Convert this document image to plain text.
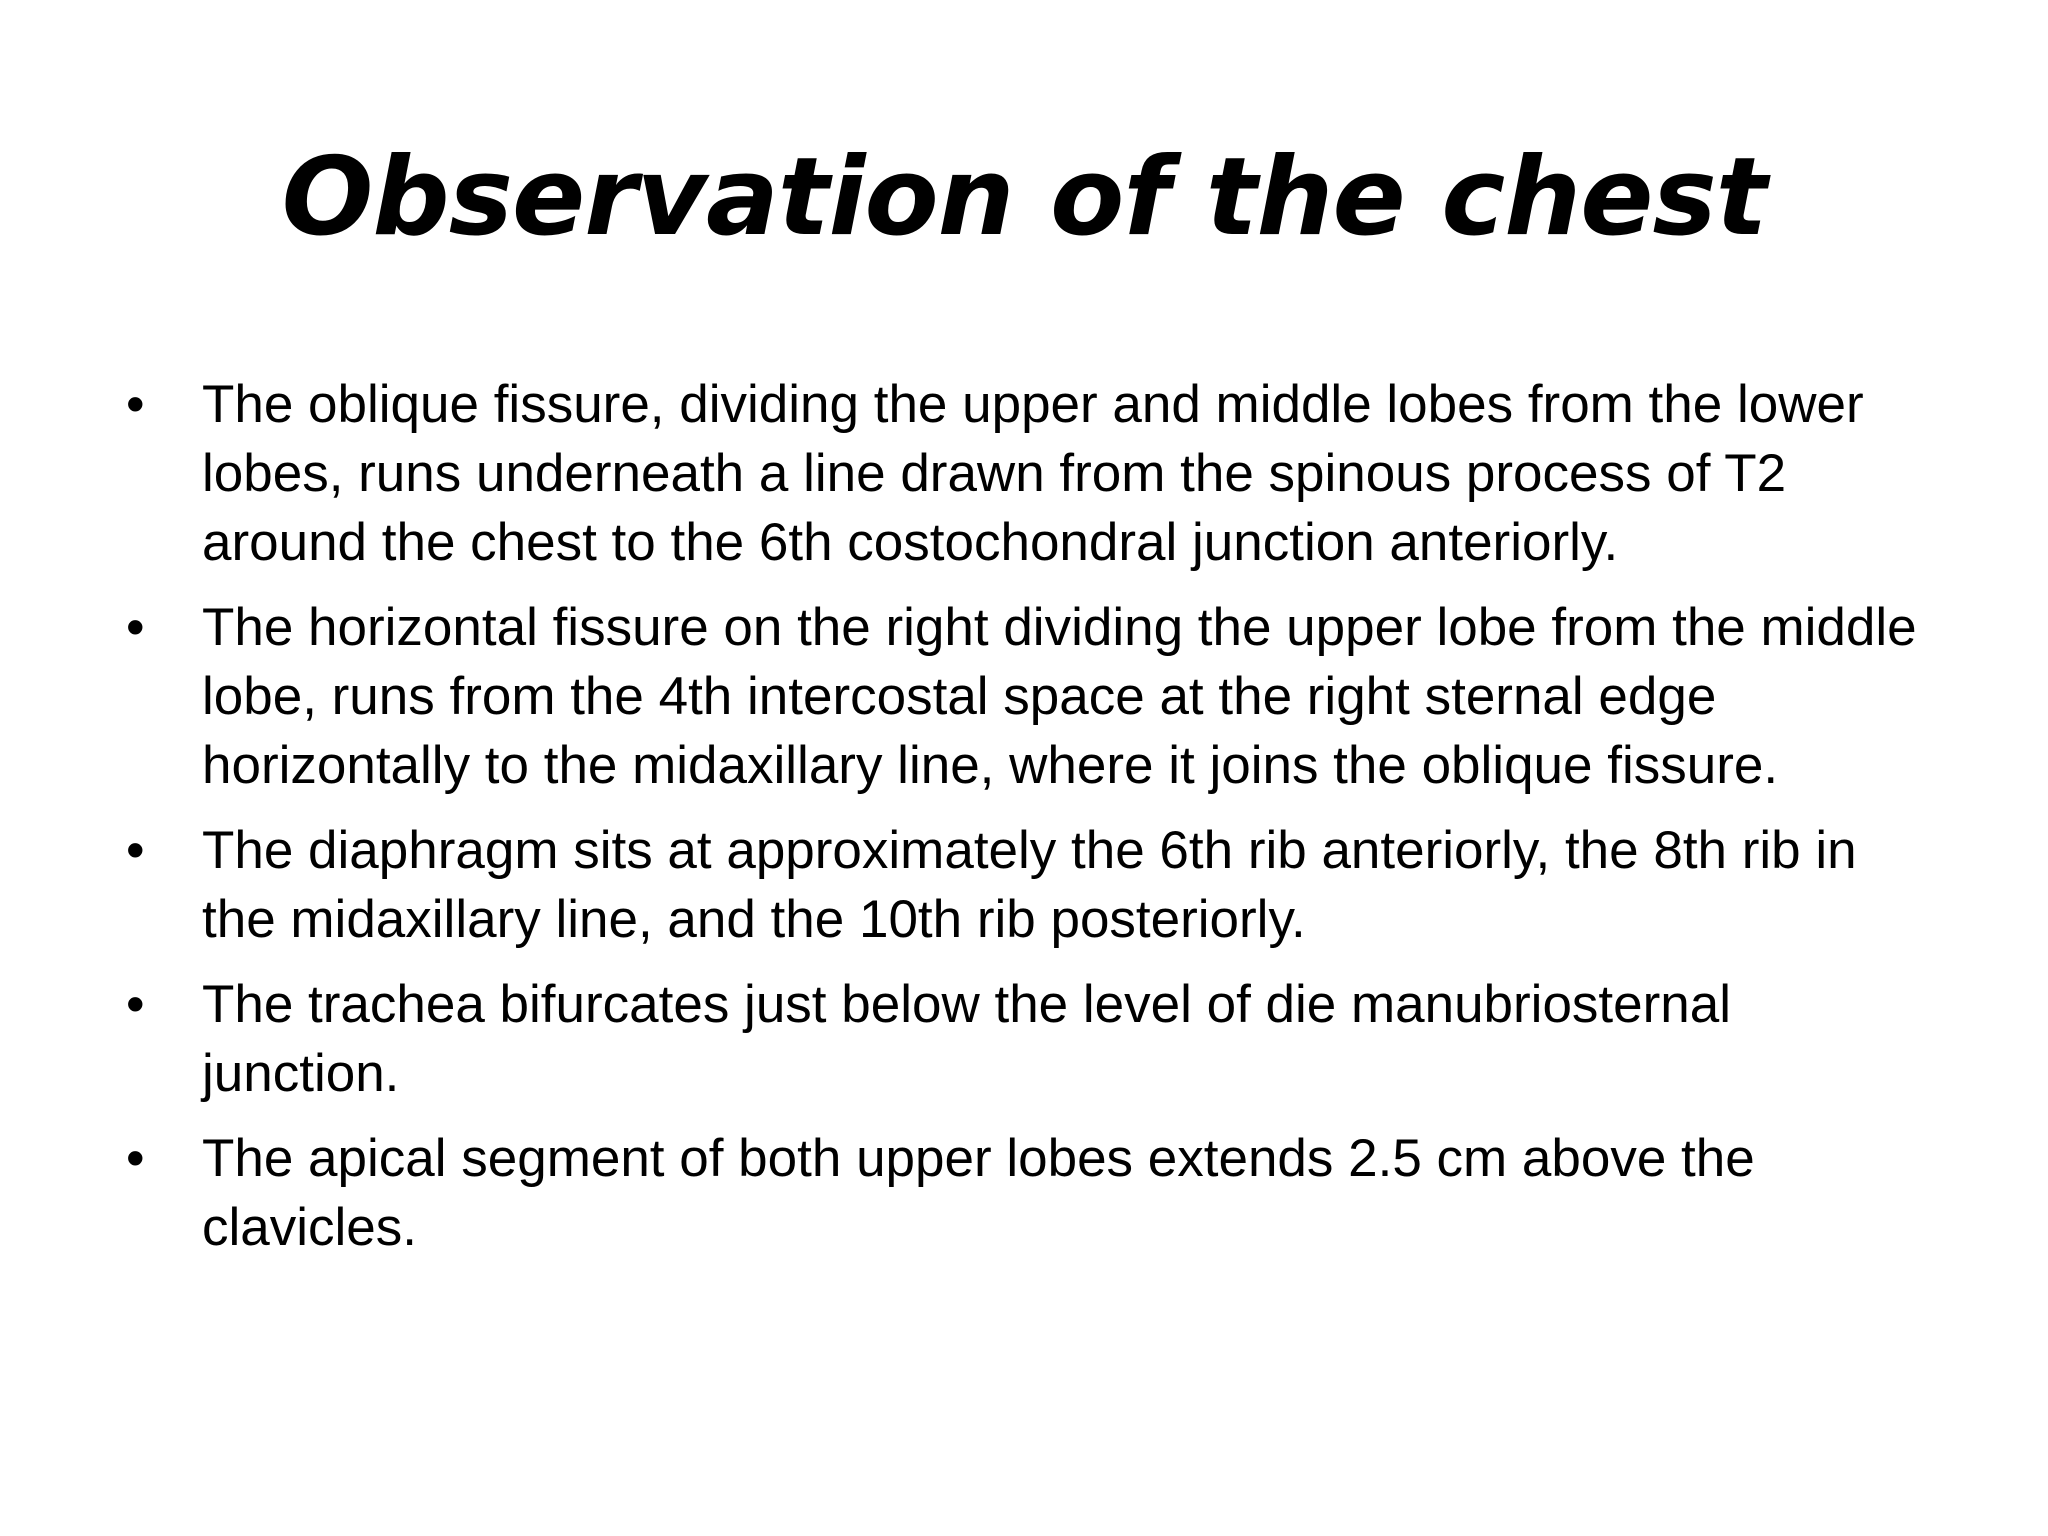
Observation of the chest
• The oblique fissure, dividing the upper and middle lobes from the lower lobes, runs underneath a line drawn from the spinous process of T2 around the chest to the 6th costochondral junction anteriorly.
• The horizontal fissure on the right dividing the upper lobe from the middle lobe, runs from the 4th intercostal space at the right sternal edge horizontally to the midaxillary line, where it joins the oblique fissure.
• The diaphragm sits at approximately the 6th rib anteriorly, the 8th rib in the midaxillary line, and the 10th rib posteriorly.
• The trachea bifurcates just below the level of die manubriosternal junction.
• The apical segment of both upper lobes extends 2.5 cm above the clavicles.
